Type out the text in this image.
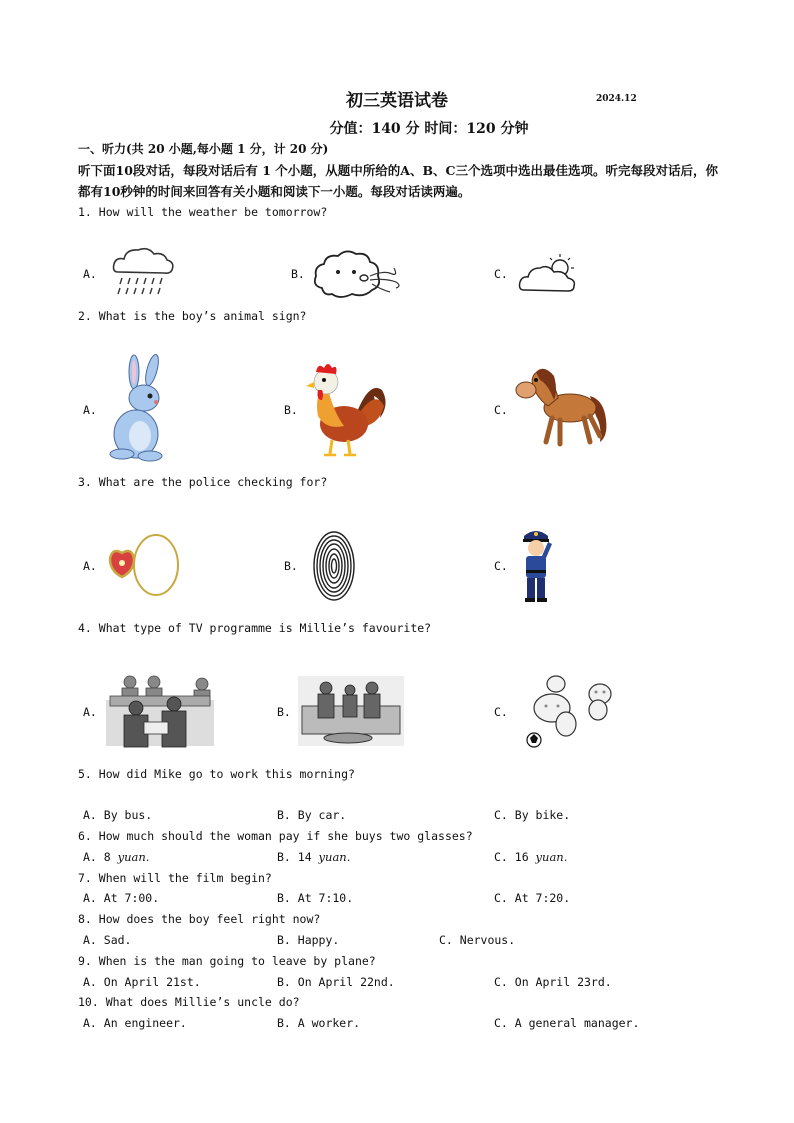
初三英语试卷	2024.12
分值：140 分 时间：120 分钟
一、听力(共 20 小题,每小题 1 分，计 20 分)
听下面10段对话，每段对话后有 1 个小题，从题中所给的A、B、C三个选项中选出最佳选项。听完每段对话后，你都有10秒钟的时间来回答有关小题和阅读下一小题。每段对话读两遍。
1. How will the weather be tomorrow?
A.	B.	C.
2. What is the boy’s animal sign?
A.	B.	C.
3. What are the police checking for?
A.	B.	C.
4. What type of TV programme is Millie’s favourite?
A.	B.	C.
5. How did Mike go to work this morning?
A. By bus.	B. By car.	C. By bike.
6. How much should the woman pay if she buys two glasses?
A. 8 yuan.	B. 14 yuan.	C. 16 yuan.
7. When will the film begin?
A. At 7:00.	B. At 7:10.	C. At 7:20.
8. How does the boy feel right now?
A. Sad.	B. Happy.	C. Nervous.
9. When is the man going to leave by plane?
A. On April 21st.	B. On April 22nd.	C. On April 23rd.
10. What does Millie’s uncle do?
A. An engineer.	B. A worker.	C. A general manager.
